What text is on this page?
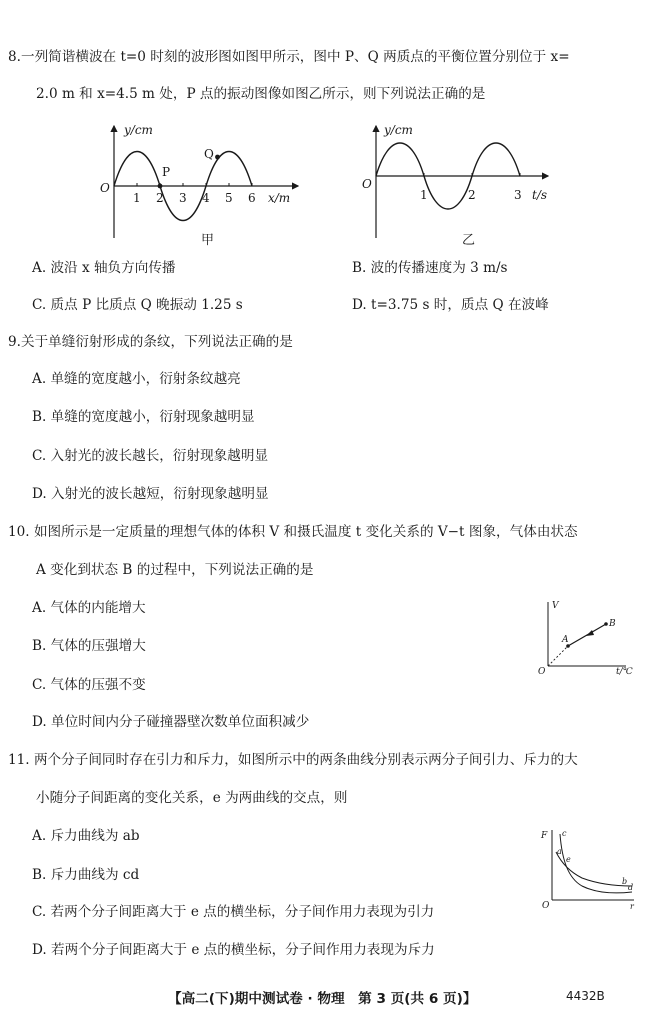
8.一列简谐横波在 t=0 时刻的波形图如图甲所示，图中 P、Q 两质点的平衡位置分别位于 x=
2.0 m 和 x=4.5 m 处，P 点的振动图像如图乙所示，则下列说法正确的是
y/cm
O
P
Q
1 2 3 4 5 6 x/m
甲
y/cm
O
1	2	3 t/s
乙
A. 波沿 x 轴负方向传播	B. 波的传播速度为 3 m/s
C. 质点 P 比质点 Q 晚振动 1.25 s	D. t=3.75 s 时，质点 Q 在波峰
9.关于单缝衍射形成的条纹，下列说法正确的是
A. 单缝的宽度越小，衍射条纹越亮
B. 单缝的宽度越小，衍射现象越明显
C. 入射光的波长越长，衍射现象越明显
D. 入射光的波长越短，衍射现象越明显
10. 如图所示是一定质量的理想气体的体积 V 和摄氏温度 t 变化关系的 V−t 图象，气体由状态
A 变化到状态 B 的过程中，下列说法正确的是
A. 气体的内能增大
B. 气体的压强增大
C. 气体的压强不变
D. 单位时间内分子碰撞器壁次数单位面积减少
V
O
A
B
t/℃
11. 两个分子间同时存在引力和斥力，如图所示中的两条曲线分别表示两分子间引力、斥力的大
小随分子间距离的变化关系，e 为两曲线的交点，则
A. 斥力曲线为 ab
B. 斥力曲线为 cd
C. 若两个分子间距离大于 e 点的横坐标，分子间作用力表现为引力
D. 若两个分子间距离大于 e 点的横坐标，分子间作用力表现为斥力
F
O
c
a
e
b
d
r
【高二(下)期中测试卷 · 物理　第 3 页(共 6 页)】	4432B
